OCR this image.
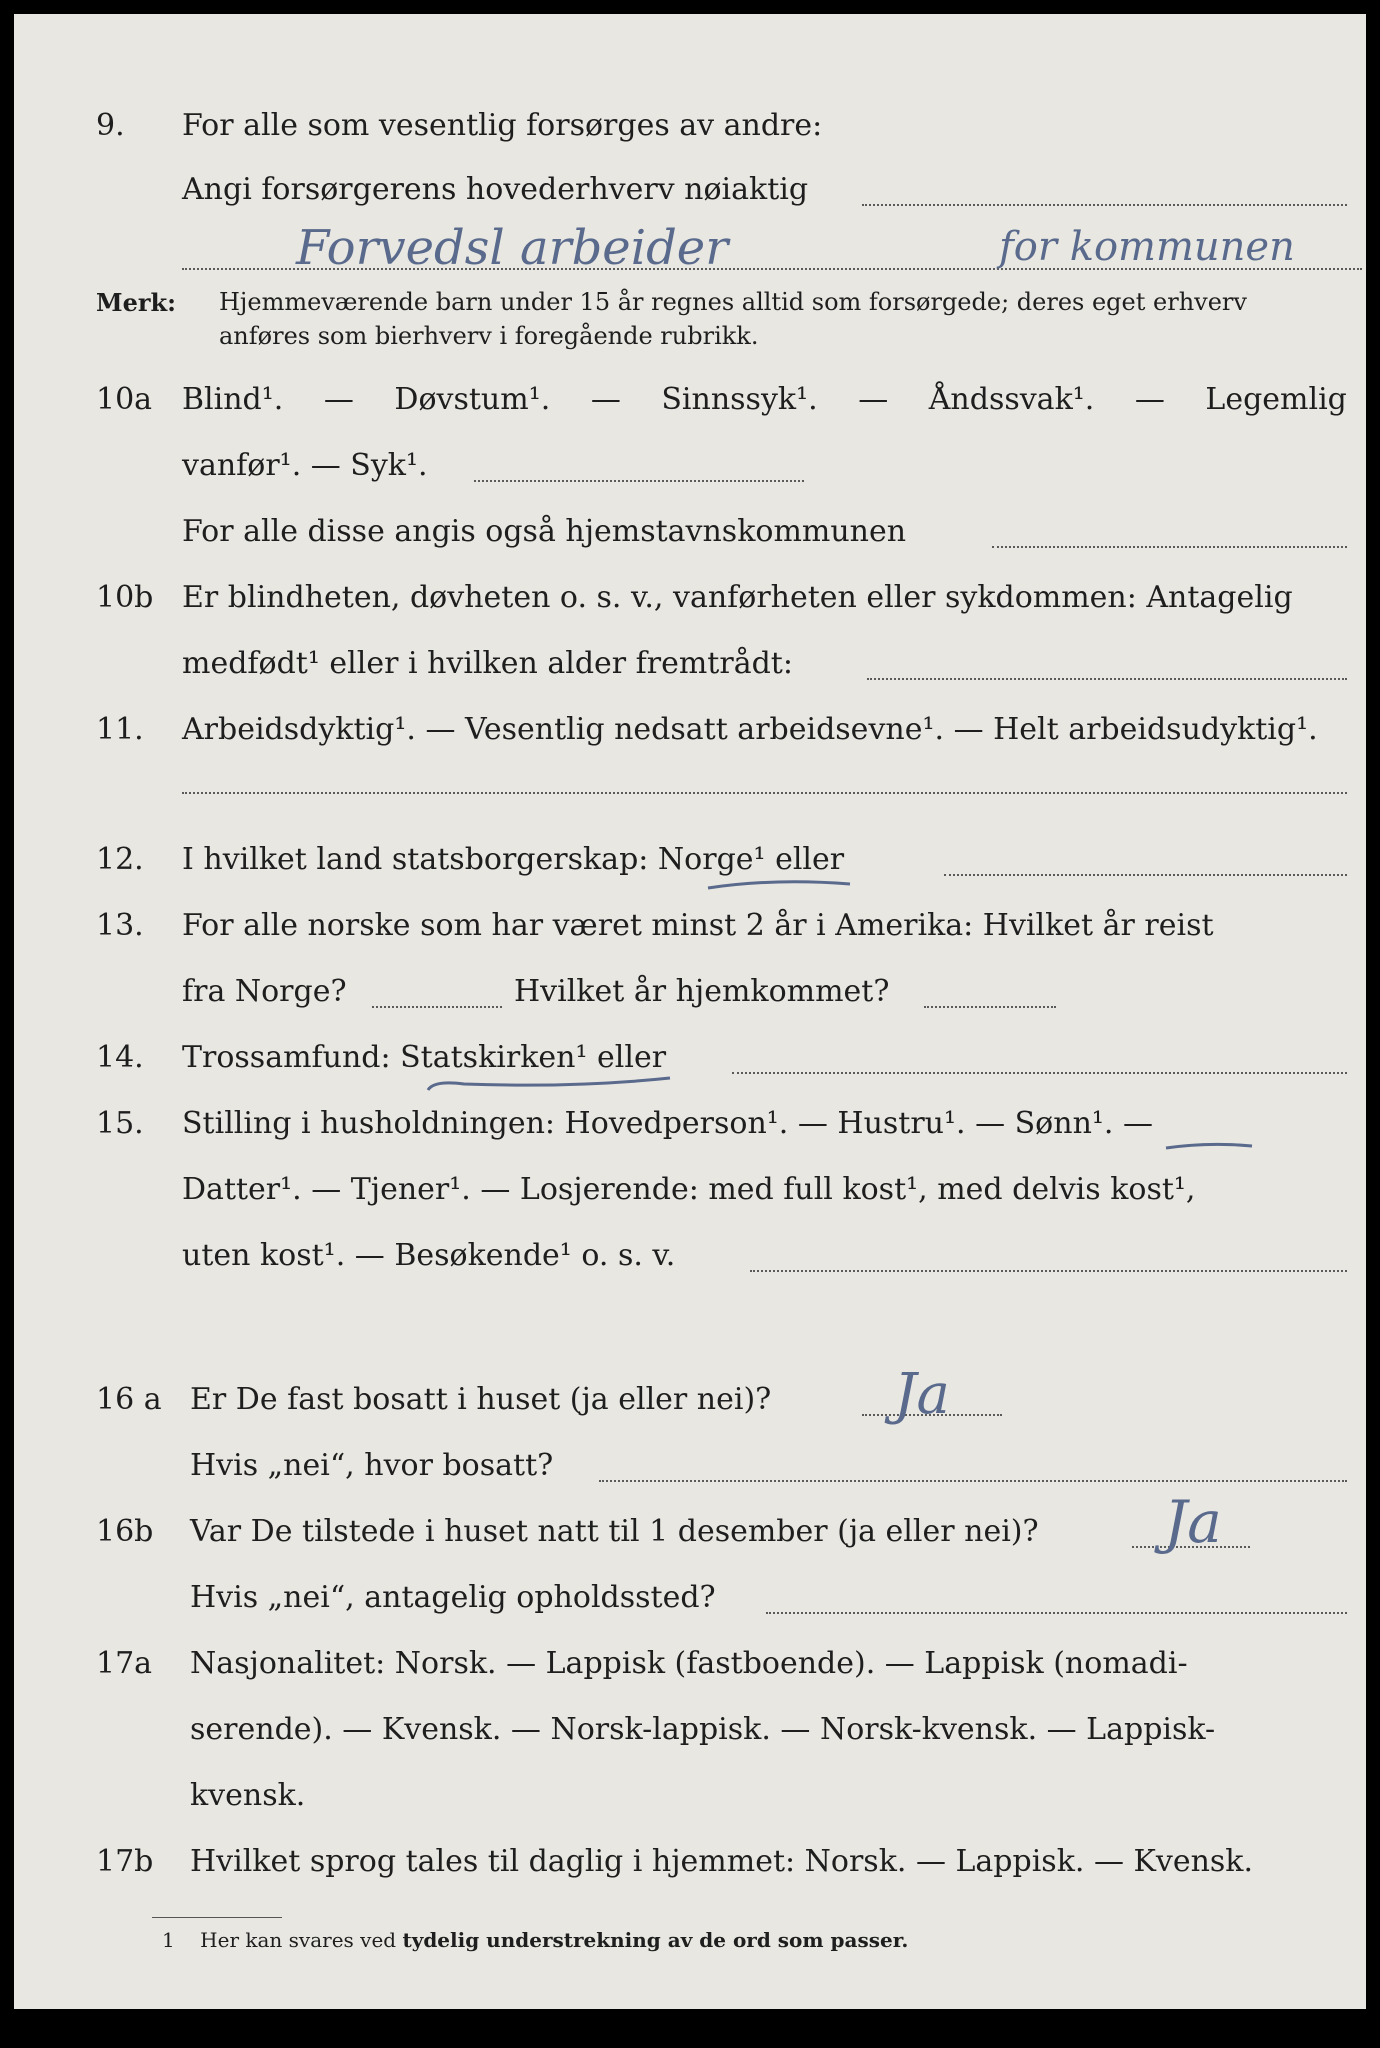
9. For alle som vesentlig forsørges av andre:
Angi forsørgerens hovederhverv nøiaktig
Forvedsl arbeider	for kommunen
Merk: Hjemmeværende barn under 15 år regnes alltid som forsørgede; deres eget erhverv
anføres som bierhverv i foregående rubrikk.
10a Blind¹. — Døvstum¹. — Sinnssyk¹. — Åndssvak¹. — Legemlig
vanfør¹. — Syk¹.
For alle disse angis også hjemstavnskommunen
10b Er blindheten, døvheten o. s. v., vanførheten eller sykdommen: Antagelig
medfødt¹ eller i hvilken alder fremtrådt:
11. Arbeidsdyktig¹. — Vesentlig nedsatt arbeidsevne¹. — Helt arbeidsudyktig¹.
12. I hvilket land statsborgerskap: Norge¹ eller
13. For alle norske som har været minst 2 år i Amerika: Hvilket år reist
fra Norge?	Hvilket år hjemkommet?
14. Trossamfund: Statskirken¹ eller
15. Stilling i husholdningen: Hovedperson¹. — Hustru¹. — Sønn¹. —
Datter¹. — Tjener¹. — Losjerende: med full kost¹, med delvis kost¹,
uten kost¹. — Besøkende¹ o. s. v.
16 a Er De fast bosatt i huset (ja eller nei)? Ja
Hvis „nei“, hvor bosatt?
16b Var De tilstede i huset natt til 1 desember (ja eller nei)? Ja
Hvis „nei“, antagelig opholdssted?
17a Nasjonalitet: Norsk. — Lappisk (fastboende). — Lappisk (nomadi-
serende). — Kvensk. — Norsk-lappisk. — Norsk-kvensk. — Lappisk-
kvensk.
17b Hvilket sprog tales til daglig i hjemmet: Norsk. — Lappisk. — Kvensk.
1 Her kan svares ved tydelig understrekning av de ord som passer.
